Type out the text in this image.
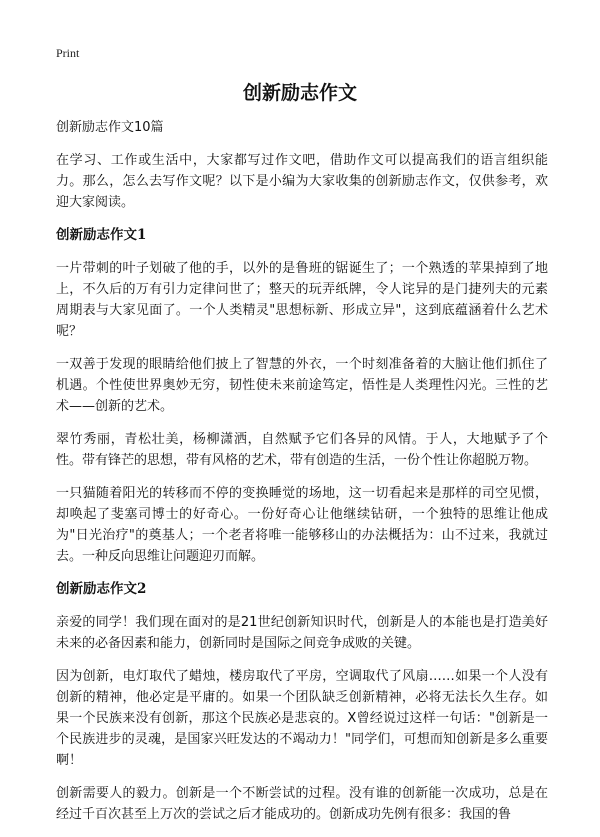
Print
创新励志作文
创新励志作文10篇

在学习、工作或生活中，大家都写过作文吧，借助作文可以提高我们的语言组织能力。那么，怎么去写作文呢？以下是小编为大家收集的创新励志作文，仅供参考，欢迎大家阅读。

创新励志作文1

一片带刺的叶子划破了他的手，以外的是鲁班的锯诞生了；一个熟透的苹果掉到了地上，不久后的万有引力定律问世了；整天的玩弄纸牌，令人诧异的是门捷列夫的元素周期表与大家见面了。一个人类精灵"思想标新、形成立异"，这到底蕴涵着什么艺术呢？

一双善于发现的眼睛给他们披上了智慧的外衣，一个时刻准备着的大脑让他们抓住了机遇。个性使世界奥妙无穷，韧性使未来前途笃定，悟性是人类理性闪光。三性的艺术——创新的艺术。

翠竹秀丽，青松壮美，杨柳潇洒，自然赋予它们各异的风情。于人，大地赋予了个性。带有锋芒的思想，带有风格的艺术，带有创造的生活，一份个性让你超脱万物。

一只猫随着阳光的转移而不停的变换睡觉的场地，这一切看起来是那样的司空见惯，却唤起了斐塞司博士的好奇心。一份好奇心让他继续钻研，一个独特的思维让他成为"日光治疗"的奠基人；一个老者将唯一能够移山的办法概括为：山不过来，我就过去。一种反向思维让问题迎刃而解。

创新励志作文2

亲爱的同学！我们现在面对的是21世纪创新知识时代，创新是人的本能也是打造美好未来的必备因素和能力，创新同时是国际之间竞争成败的关键。

因为创新，电灯取代了蜡烛，楼房取代了平房，空调取代了风扇……如果一个人没有创新的精神，他必定是平庸的。如果一个团队缺乏创新精神，必将无法长久生存。如果一个民族来没有创新，那这个民族必是悲哀的。X曾经说过这样一句话："创新是一个民族进步的灵魂，是国家兴旺发达的不竭动力！"同学们，可想而知创新是多么重要啊！

创新需要人的毅力。创新是一个不断尝试的过程。没有谁的创新能一次成功，总是在经过千百次甚至上万次的尝试之后才能成功的。创新成功先例有很多：我国的鲁
